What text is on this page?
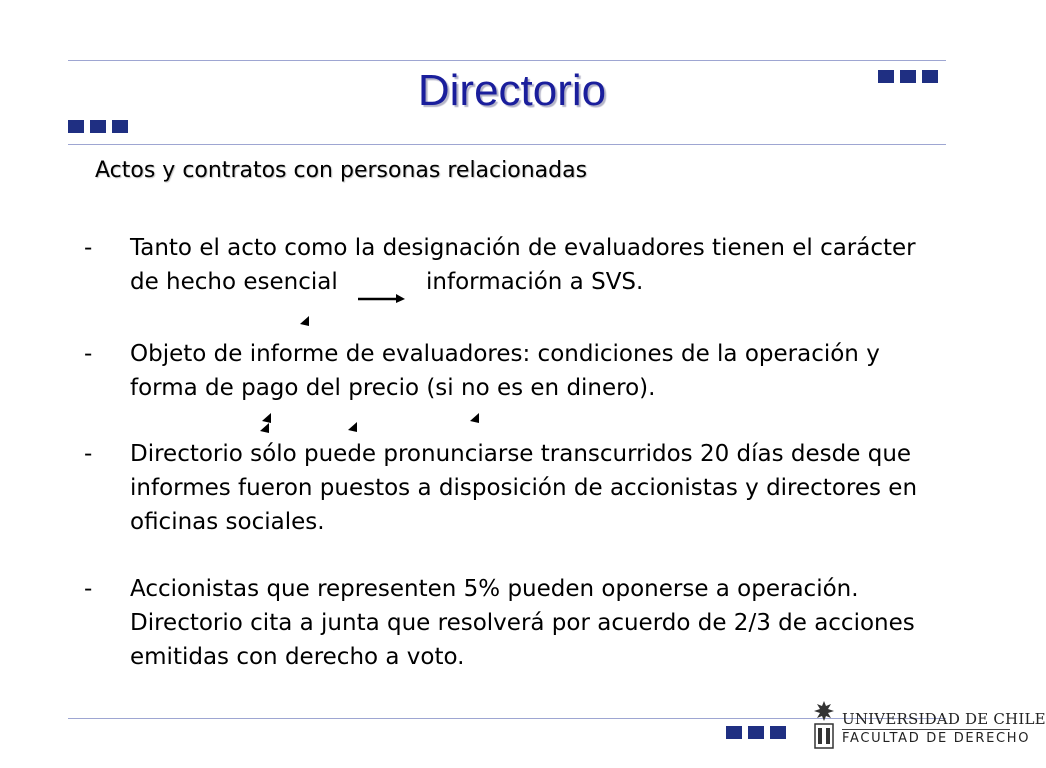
Directorio
Actos y contratos con personas relacionadas
- Tanto el acto como la designación de evaluadores tienen el carácter
de hecho esencial	información a SVS.
- Objeto de informe de evaluadores: condiciones de la operación y
forma de pago del precio (si no es en dinero).
- Directorio sólo puede pronunciarse transcurridos 20 días desde que
informes fueron puestos a disposición de accionistas y directores en
oficinas sociales.
- Accionistas que representen 5% pueden oponerse a operación.
Directorio cita a junta que resolverá por acuerdo de 2/3 de acciones
emitidas con derecho a voto.
UNIVERSIDAD DE CHILE
FACULTAD DE DERECHO
